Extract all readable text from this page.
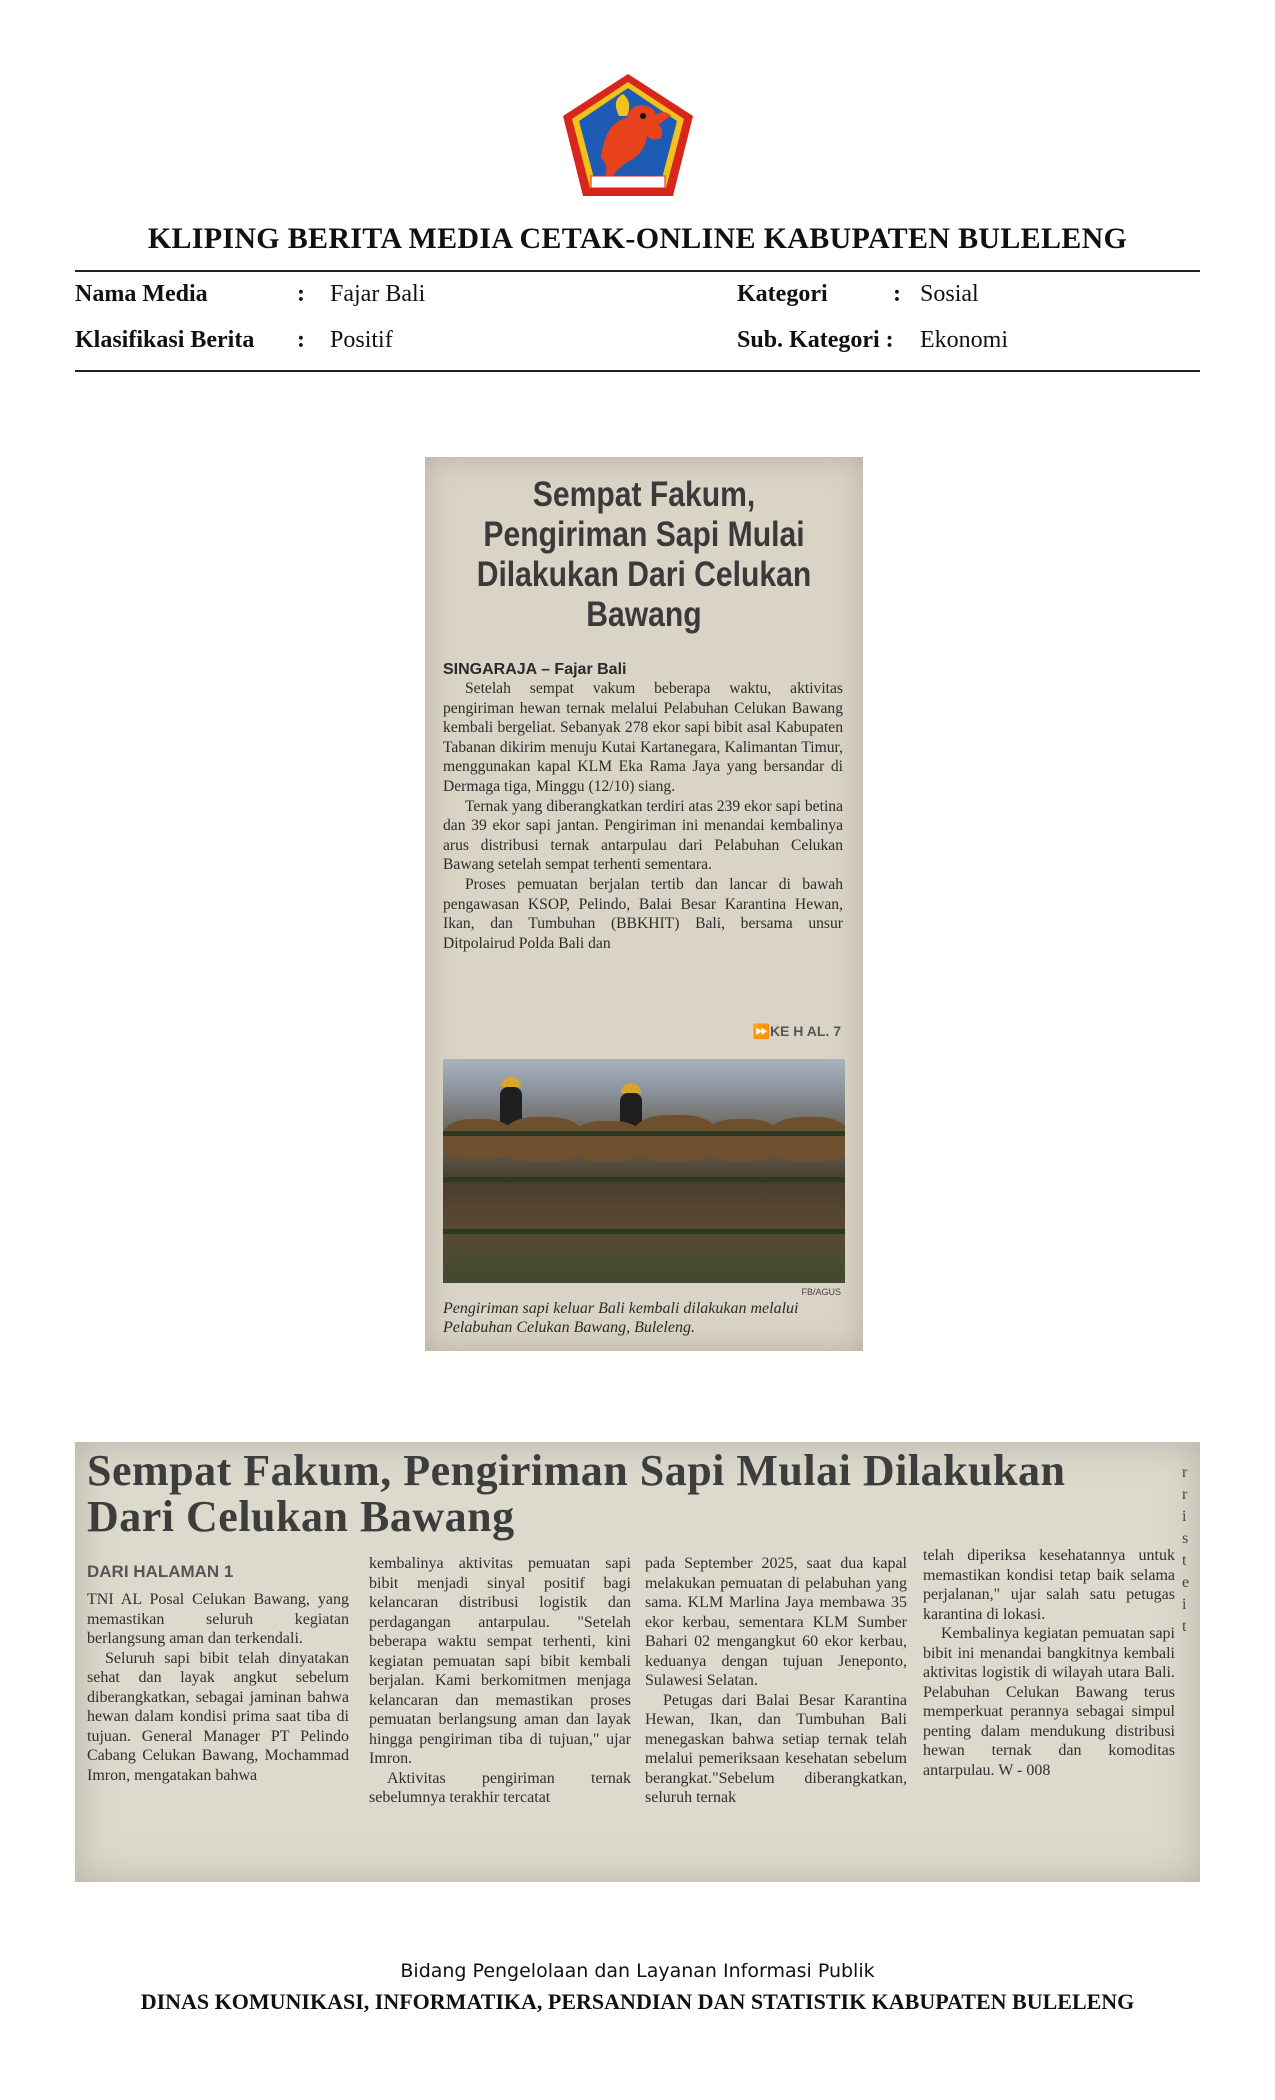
KLIPING BERITA MEDIA CETAK-ONLINE KABUPATEN BULELENG
Nama Media	: Fajar Bali	Kategori	: Sosial
Klasifikasi Berita : Positif	Sub. Kategori : Ekonomi
Sempat Fakum, Pengiriman Sapi Mulai Dilakukan Dari Celukan Bawang
SINGARAJA – Fajar Bali

Setelah sempat vakum beberapa waktu, aktivitas pengiriman hewan ternak melalui Pelabuhan Celukan Bawang kembali bergeliat. Sebanyak 278 ekor sapi bibit asal Kabupaten Tabanan dikirim menuju Kutai Kartanegara, Kalimantan Timur, menggunakan kapal KLM Eka Rama Jaya yang bersandar di Dermaga tiga, Minggu (12/10) siang.

Ternak yang diberangkatkan terdiri atas 239 ekor sapi betina dan 39 ekor sapi jantan. Pengiriman ini menandai kembalinya arus distribusi ternak antarpulau dari Pelabuhan Celukan Bawang setelah sempat terhenti sementara.

Proses pemuatan berjalan tertib dan lancar di bawah pengawasan KSOP, Pelindo, Balai Besar Karantina Hewan, Ikan, dan Tumbuhan (BBKHIT) Bali, bersama unsur Ditpolairud Polda Bali dan

⏩KE H AL. 7
FB/AGUS
Pengiriman sapi keluar Bali kembali dilakukan melalui Pelabuhan Celukan Bawang, Buleleng.
Sempat Fakum, Pengiriman Sapi Mulai Dilakukan Dari Celukan Bawang
DARI HALAMAN 1

TNI AL Posal Celukan Bawang, yang memastikan seluruh kegiatan berlangsung aman dan terkendali.

Seluruh sapi bibit telah dinyatakan sehat dan layak angkut sebelum diberangkatkan, sebagai jaminan bahwa hewan dalam kondisi prima saat tiba di tujuan. General Manager PT Pelindo Cabang Celukan Bawang, Mochammad Imron, mengatakan bahwa

kembalinya aktivitas pemuatan sapi bibit menjadi sinyal positif bagi kelancaran distribusi logistik dan perdagangan antarpulau. "Setelah beberapa waktu sempat terhenti, kini kegiatan pemuatan sapi bibit kembali berjalan. Kami berkomitmen menjaga kelancaran dan memastikan proses pemuatan berlangsung aman dan layak hingga pengiriman tiba di tujuan," ujar Imron.

Aktivitas pengiriman ternak sebelumnya terakhir tercatat

pada September 2025, saat dua kapal melakukan pemuatan di pelabuhan yang sama. KLM Marlina Jaya membawa 35 ekor kerbau, sementara KLM Sumber Bahari 02 mengangkut 60 ekor kerbau, keduanya dengan tujuan Jeneponto, Sulawesi Selatan.

Petugas dari Balai Besar Karantina Hewan, Ikan, dan Tumbuhan Bali menegaskan bahwa setiap ternak telah melalui pemeriksaan kesehatan sebelum berangkat."Sebelum diberangkatkan, seluruh ternak

telah diperiksa kesehatannya untuk memastikan kondisi tetap baik selama perjalanan," ujar salah satu petugas karantina di lokasi.

Kembalinya kegiatan pemuatan sapi bibit ini menandai bangkitnya kembali aktivitas logistik di wilayah utara Bali. Pelabuhan Celukan Bawang terus memperkuat perannya sebagai simpul penting dalam mendukung distribusi hewan ternak dan komoditas antarpulau. W - 008

r
r
i
s
t
e
i
t
Bidang Pengelolaan dan Layanan Informasi Publik
DINAS KOMUNIKASI, INFORMATIKA, PERSANDIAN DAN STATISTIK KABUPATEN BULELENG
